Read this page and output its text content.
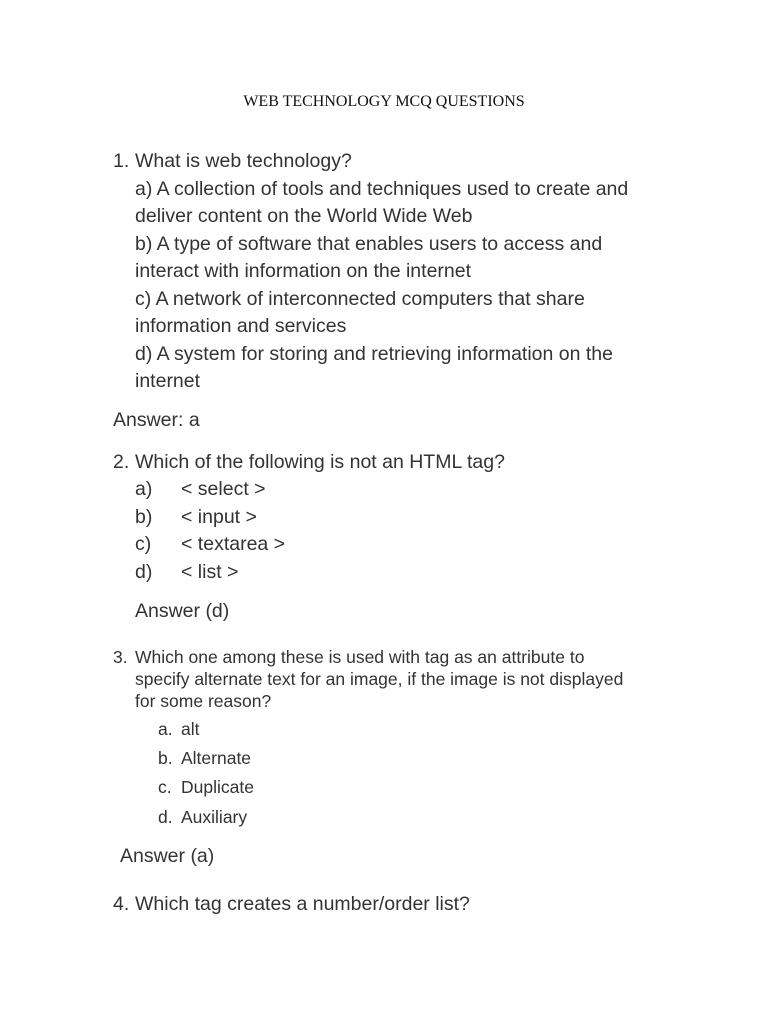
WEB TECHNOLOGY MCQ QUESTIONS

1. What is web technology?

a) A collection of tools and techniques used to create and

deliver content on the World Wide Web

b) A type of software that enables users to access and

interact with information on the internet

c) A network of interconnected computers that share

information and services

d) A system for storing and retrieving information on the

internet

Answer: a

2. Which of the following is not an HTML tag?

a) < select >

b) < input >

c) < textarea >

d) < list >

Answer (d)

3. Which one among these is used with tag as an attribute to

specify alternate text for an image, if the image is not displayed

for some reason?

a. alt

b. Alternate

c. Duplicate

d. Auxiliary

Answer (a)

4. Which tag creates a number/order list?
